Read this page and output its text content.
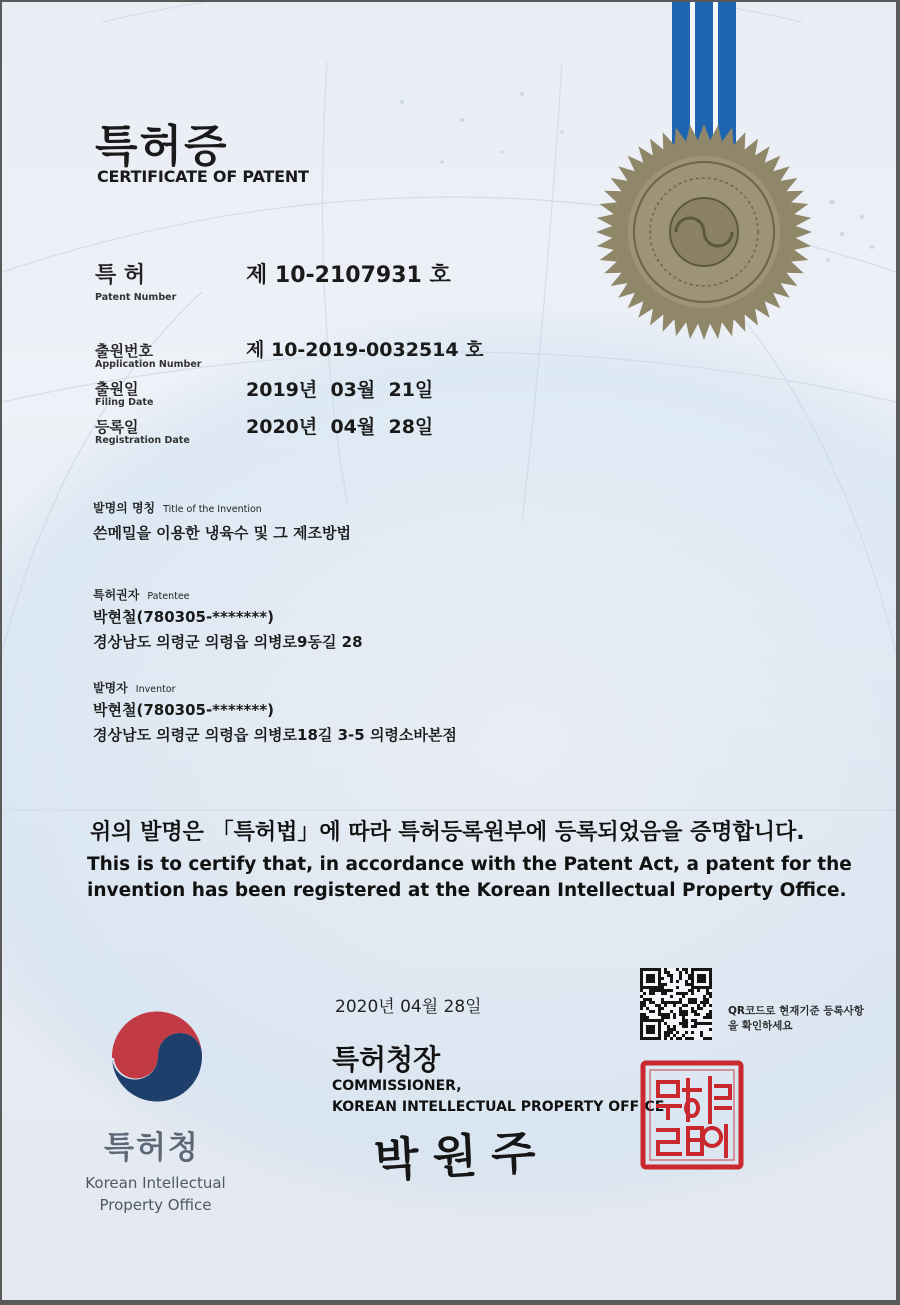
특허증
CERTIFICATE OF PATENT
특 허
Patent Number
제 10-2107931 호
출원번호
Application Number
제 10-2019-0032514 호
출원일
Filing Date
2019년  03월  21일
등록일
Registration Date
2020년  04월  28일
발명의 명칭 Title of the Invention
쓴메밀을 이용한 냉육수 및 그 제조방법
특허권자 Patentee
박현철(780305-*******)
경상남도 의령군 의령읍 의병로9동길 28
발명자 Inventor
박현철(780305-*******)
경상남도 의령군 의령읍 의병로18길 3-5 의령소바본점
위의 발명은 「특허법」에 따라 특허등록원부에 등록되었음을 증명합니다.
This is to certify that, in accordance with the Patent Act, a patent for the invention has been registered at the Korean Intellectual Property Office.
2020년 04월 28일
특허청장
COMMISSIONER,
KOREAN INTELLECTUAL PROPERTY OFFICE
박원주
QR코드로 현재기준 등록사항을 확인하세요
특허청
Korean Intellectual Property Office
